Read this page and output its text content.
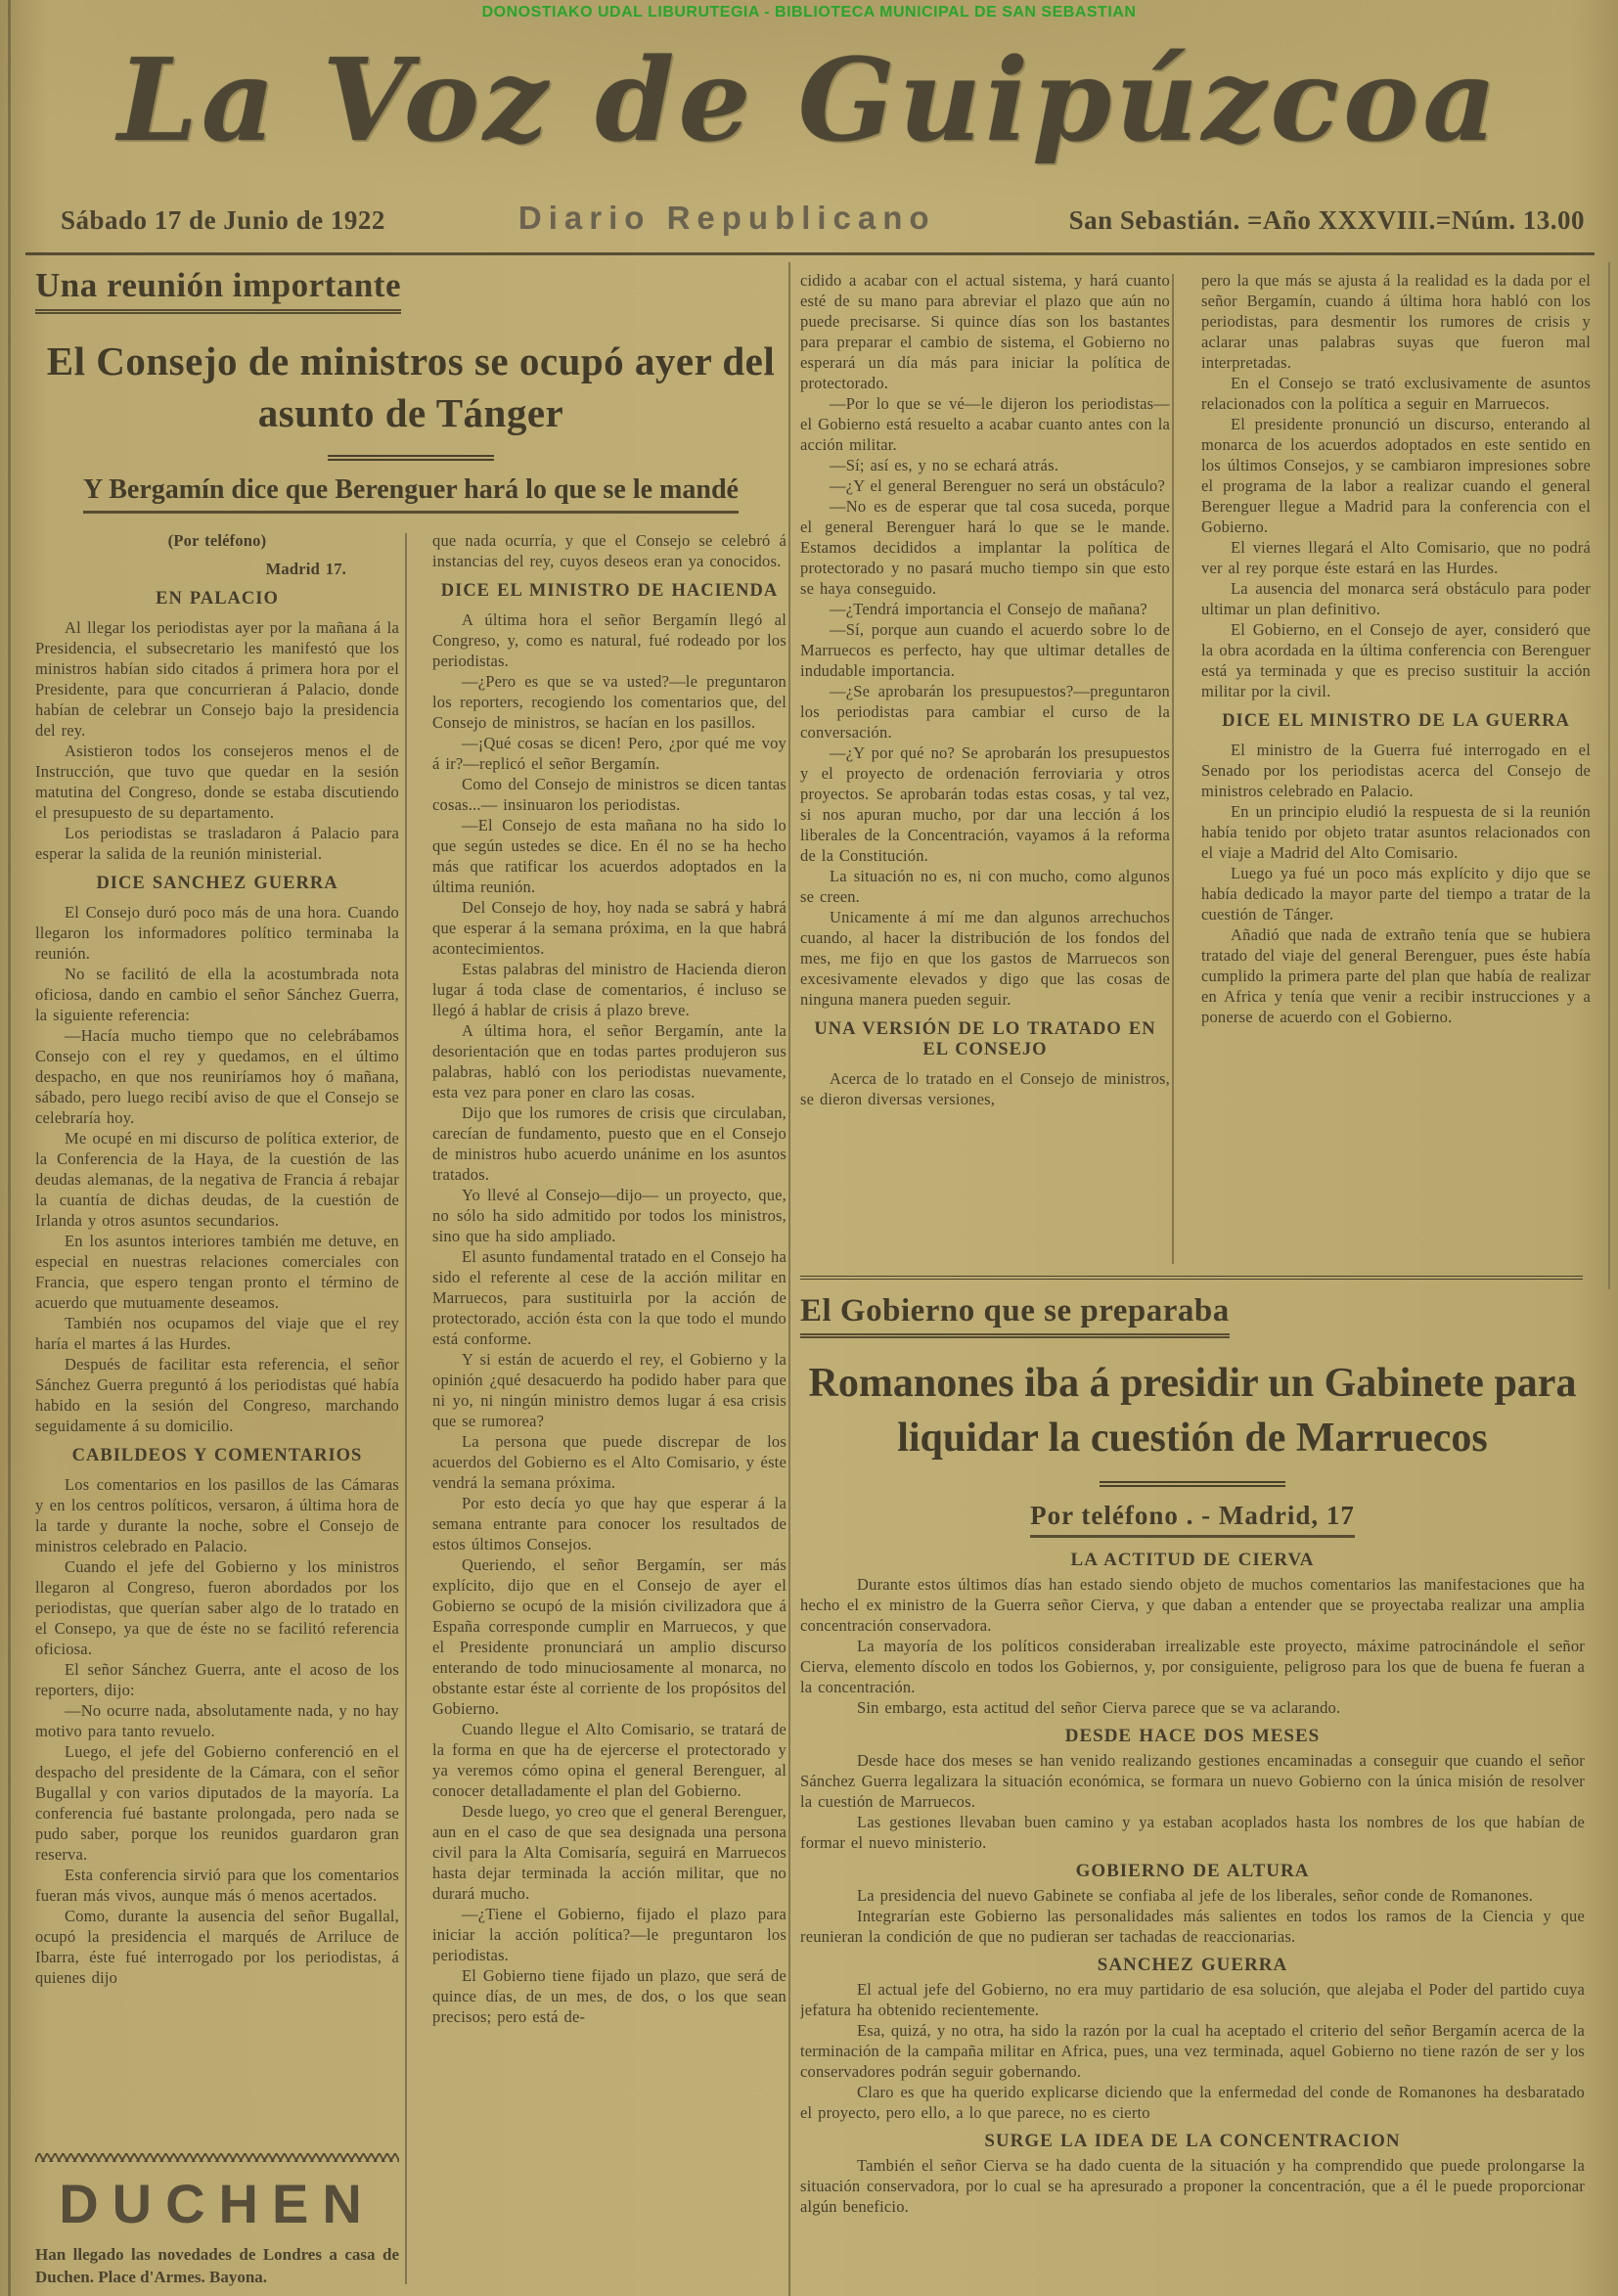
DONOSTIAKO UDAL LIBURUTEGIA - BIBLIOTECA MUNICIPAL DE SAN SEBASTIAN
La Voz de Guipúzcoa
Sábado 17 de Junio de 1922	Diario Republicano	San Sebastián. =Año XXXVIII.=Núm. 13.00
Una reunión importante
El Consejo de ministros se ocupó ayer del asunto de Tánger
Y Bergamín dice que Berenguer hará lo que se le mandé

(Por teléfono)

Madrid 17.

EN PALACIO

Al llegar los periodistas ayer por la mañana á la Presidencia, el subsecretario les manifestó que los ministros habían sido citados á primera hora por el Presidente, para que concurrieran á Palacio, donde habían de celebrar un Consejo bajo la presidencia del rey.

Asistieron todos los consejeros menos el de Instrucción, que tuvo que quedar en la sesión matutina del Congreso, donde se estaba discutiendo el presupuesto de su departamento.

Los periodistas se trasladaron á Palacio para esperar la salida de la reunión ministerial.

DICE SANCHEZ GUERRA

El Consejo duró poco más de una hora. Cuando llegaron los informadores político terminaba la reunión.

No se facilitó de ella la acostumbrada nota oficiosa, dando en cambio el señor Sánchez Guerra, la siguiente referencia:

—Hacía mucho tiempo que no celebrábamos Consejo con el rey y quedamos, en el último despacho, en que nos reuniríamos hoy ó mañana, sábado, pero luego recibí aviso de que el Consejo se celebraría hoy.

Me ocupé en mi discurso de política exterior, de la Conferencia de la Haya, de la cuestión de las deudas alemanas, de la negativa de Francia á rebajar la cuantía de dichas deudas, de la cuestión de Irlanda y otros asuntos secundarios.

En los asuntos interiores también me detuve, en especial en nuestras relaciones comerciales con Francia, que espero tengan pronto el término de acuerdo que mutuamente deseamos.

También nos ocupamos del viaje que el rey haría el martes á las Hurdes.

Después de facilitar esta referencia, el señor Sánchez Guerra preguntó á los periodistas qué había habido en la sesión del Congreso, marchando seguidamente á su domicilio.

CABILDEOS Y COMENTARIOS

Los comentarios en los pasillos de las Cámaras y en los centros políticos, versaron, á última hora de la tarde y durante la noche, sobre el Consejo de ministros celebrado en Palacio.

Cuando el jefe del Gobierno y los ministros llegaron al Congreso, fueron abordados por los periodistas, que querían saber algo de lo tratado en el Consepo, ya que de éste no se facilitó referencia oficiosa.

El señor Sánchez Guerra, ante el acoso de los reporters, dijo:

—No ocurre nada, absolutamente nada, y no hay motivo para tanto revuelo.

Luego, el jefe del Gobierno conferenció en el despacho del presidente de la Cámara, con el señor Bugallal y con varios diputados de la mayoría. La conferencia fué bastante prolongada, pero nada se pudo saber, porque los reunidos guardaron gran reserva.

Esta conferencia sirvió para que los comentarios fueran más vivos, aunque más ó menos acertados.

Como, durante la ausencia del señor Bugallal, ocupó la presidencia el marqués de Arriluce de Ibarra, éste fué interrogado por los periodistas, á quienes dijo

que nada ocurría, y que el Consejo se celebró á instancias del rey, cuyos deseos eran ya conocidos.

DICE EL MINISTRO DE HACIENDA

A última hora el señor Bergamín llegó al Congreso, y, como es natural, fué rodeado por los periodistas.

—¿Pero es que se va usted?—le preguntaron los reporters, recogiendo los comentarios que, del Consejo de ministros, se hacían en los pasillos.

—¡Qué cosas se dicen! Pero, ¿por qué me voy á ir?—replicó el señor Bergamín.

Como del Consejo de ministros se dicen tantas cosas...— insinuaron los periodistas.

—El Consejo de esta mañana no ha sido lo que según ustedes se dice. En él no se ha hecho más que ratificar los acuerdos adoptados en la última reunión.

Del Consejo de hoy, hoy nada se sabrá y habrá que esperar á la semana próxima, en la que habrá acontecimientos.

Estas palabras del ministro de Hacienda dieron lugar á toda clase de comentarios, é incluso se llegó á hablar de crisis á plazo breve.

A última hora, el señor Bergamín, ante la desorientación que en todas partes produjeron sus palabras, habló con los periodistas nuevamente, esta vez para poner en claro las cosas.

Dijo que los rumores de crisis que circulaban, carecían de fundamento, puesto que en el Consejo de ministros hubo acuerdo unánime en los asuntos tratados.

Yo llevé al Consejo—dijo— un proyecto, que, no sólo ha sido admitido por todos los ministros, sino que ha sido ampliado.

El asunto fundamental tratado en el Consejo ha sido el referente al cese de la acción militar en Marruecos, para sustituirla por la acción de protectorado, acción ésta con la que todo el mundo está conforme.

Y si están de acuerdo el rey, el Gobierno y la opinión ¿qué desacuerdo ha podido haber para que ni yo, ni ningún ministro demos lugar á esa crisis que se rumorea?

La persona que puede discrepar de los acuerdos del Gobierno es el Alto Comisario, y éste vendrá la semana próxima.

Por esto decía yo que hay que esperar á la semana entrante para conocer los resultados de estos últimos Consejos.

Queriendo, el señor Bergamín, ser más explícito, dijo que en el Consejo de ayer el Gobierno se ocupó de la misión civilizadora que á España corresponde cumplir en Marruecos, y que el Presidente pronunciará un amplio discurso enterando de todo minuciosamente al monarca, no obstante estar éste al corriente de los propósitos del Gobierno.

Cuando llegue el Alto Comisario, se tratará de la forma en que ha de ejercerse el protectorado y ya veremos cómo opina el general Berenguer, al conocer detalladamente el plan del Gobierno.

Desde luego, yo creo que el general Berenguer, aun en el caso de que sea designada una persona civil para la Alta Comisaría, seguirá en Marruecos hasta dejar terminada la acción militar, que no durará mucho.

—¿Tiene el Gobierno, fijado el plazo para iniciar la acción política?—le preguntaron los periodistas.

El Gobierno tiene fijado un plazo, que será de quince días, de un mes, de dos, o los que sean precisos; pero está de-

DUCHEN
Han llegado las novedades de Londres a casa de Duchen. Place d'Armes. Bayona.

cidido a acabar con el actual sistema, y hará cuanto esté de su mano para abreviar el plazo que aún no puede precisarse. Si quince días son los bastantes para preparar el cambio de sistema, el Gobierno no esperará un día más para iniciar la política de protectorado.

—Por lo que se vé—le dijeron los periodistas—el Gobierno está resuelto a acabar cuanto antes con la acción militar.

—Sí; así es, y no se echará atrás.

—¿Y el general Berenguer no será un obstáculo?

—No es de esperar que tal cosa suceda, porque el general Berenguer hará lo que se le mande. Estamos decididos a implantar la política de protectorado y no pasará mucho tiempo sin que esto se haya conseguido.

—¿Tendrá importancia el Consejo de mañana?

—Sí, porque aun cuando el acuerdo sobre lo de Marruecos es perfecto, hay que ultimar detalles de indudable importancia.

—¿Se aprobarán los presupuestos?—preguntaron los periodistas para cambiar el curso de la conversación.

—¿Y por qué no? Se aprobarán los presupuestos y el proyecto de ordenación ferroviaria y otros proyectos. Se aprobarán todas estas cosas, y tal vez, si nos apuran mucho, por dar una lección á los liberales de la Concentración, vayamos á la reforma de la Constitución.

La situación no es, ni con mucho, como algunos se creen.

Unicamente á mí me dan algunos arrechuchos cuando, al hacer la distribución de los fondos del mes, me fijo en que los gastos de Marruecos son excesivamente elevados y digo que las cosas de ninguna manera pueden seguir.

UNA VERSIÓN DE LO TRATADO EN EL CONSEJO

Acerca de lo tratado en el Consejo de ministros, se dieron diversas versiones,

pero la que más se ajusta á la realidad es la dada por el señor Bergamín, cuando á última hora habló con los periodistas, para desmentir los rumores de crisis y aclarar unas palabras suyas que fueron mal interpretadas.

En el Consejo se trató exclusivamente de asuntos relacionados con la política a seguir en Marruecos.

El presidente pronunció un discurso, enterando al monarca de los acuerdos adoptados en este sentido en los últimos Consejos, y se cambiaron impresiones sobre el programa de la labor a realizar cuando el general Berenguer llegue a Madrid para la conferencia con el Gobierno.

El viernes llegará el Alto Comisario, que no podrá ver al rey porque éste estará en las Hurdes.

La ausencia del monarca será obstáculo para poder ultimar un plan definitivo.

El Gobierno, en el Consejo de ayer, consideró que la obra acordada en la última conferencia con Berenguer está ya terminada y que es preciso sustituir la acción militar por la civil.

DICE EL MINISTRO DE LA GUERRA

El ministro de la Guerra fué interrogado en el Senado por los periodistas acerca del Consejo de ministros celebrado en Palacio.

En un principio eludió la respuesta de si la reunión había tenido por objeto tratar asuntos relacionados con el viaje a Madrid del Alto Comisario.

Luego ya fué un poco más explícito y dijo que se había dedicado la mayor parte del tiempo a tratar de la cuestión de Tánger.

Añadió que nada de extraño tenía que se hubiera tratado del viaje del general Berenguer, pues éste había cumplido la primera parte del plan que había de realizar en Africa y tenía que venir a recibir instrucciones y a ponerse de acuerdo con el Gobierno.

El Gobierno que se preparaba
Romanones iba á presidir un Gabinete para liquidar la cuestión de Marruecos
Por teléfono . - Madrid, 17
LA ACTITUD DE CIERVA

Durante estos últimos días han estado siendo objeto de muchos comentarios las manifestaciones que ha hecho el ex ministro de la Guerra señor Cierva, y que daban a entender que se proyectaba realizar una amplia concentración conservadora.

La mayoría de los políticos consideraban irrealizable este proyecto, máxime patrocinándole el señor Cierva, elemento díscolo en todos los Gobiernos, y, por consiguiente, peligroso para los que de buena fe fueran a la concentración.

Sin embargo, esta actitud del señor Cierva parece que se va aclarando.

DESDE HACE DOS MESES

Desde hace dos meses se han venido realizando gestiones encaminadas a conseguir que cuando el señor Sánchez Guerra legalizara la situación económica, se formara un nuevo Gobierno con la única misión de resolver la cuestión de Marruecos.

Las gestiones llevaban buen camino y ya estaban acoplados hasta los nombres de los que habían de formar el nuevo ministerio.

GOBIERNO DE ALTURA

La presidencia del nuevo Gabinete se confiaba al jefe de los liberales, señor conde de Romanones.

Integrarían este Gobierno las personalidades más salientes en todos los ramos de la Ciencia y que reunieran la condición de que no pudieran ser tachadas de reaccionarias.

SANCHEZ GUERRA

El actual jefe del Gobierno, no era muy partidario de esa solución, que alejaba el Poder del partido cuya jefatura ha obtenido recientemente.

Esa, quizá, y no otra, ha sido la razón por la cual ha aceptado el criterio del señor Bergamín acerca de la terminación de la campaña militar en Africa, pues, una vez terminada, aquel Gobierno no tiene razón de ser y los conservadores podrán seguir gobernando.

Claro es que ha querido explicarse diciendo que la enfermedad del conde de Romanones ha desbaratado el proyecto, pero ello, a lo que parece, no es cierto

SURGE LA IDEA DE LA CONCENTRACION

También el señor Cierva se ha dado cuenta de la situación y ha comprendido que puede prolongarse la situación conservadora, por lo cual se ha apresurado a proponer la concentración, que a él le puede proporcionar algún beneficio.
